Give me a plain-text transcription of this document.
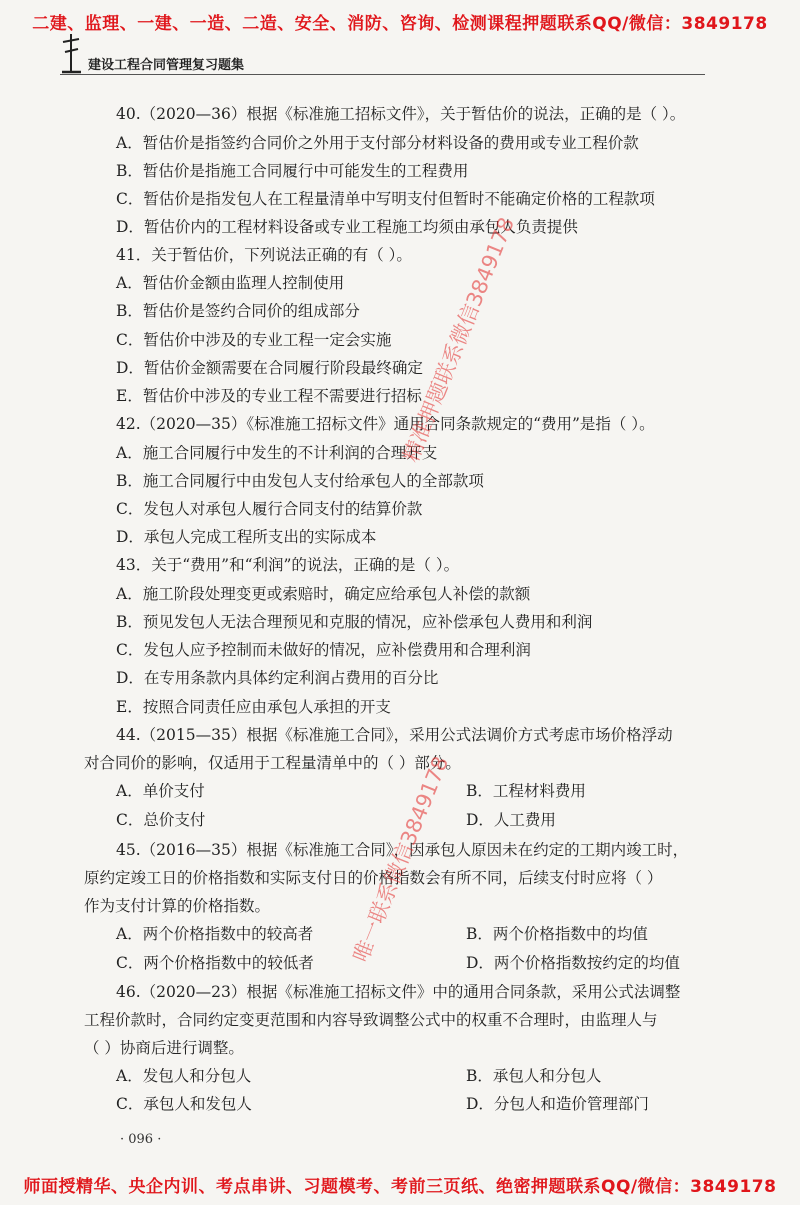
二建、监理、一建、一造、二造、安全、消防、咨询、检测课程押题联系QQ/微信：3849178
建设工程合同管理复习题集
40.（2020—36）根据《标准施工招标文件》，关于暂估价的说法，正确的是（ ）。
A．暂估价是指签约合同价之外用于支付部分材料设备的费用或专业工程价款
B．暂估价是指施工合同履行中可能发生的工程费用
C．暂估价是指发包人在工程量清单中写明支付但暂时不能确定价格的工程款项
D．暂估价内的工程材料设备或专业工程施工均须由承包人负责提供
41．关于暂估价，下列说法正确的有（ ）。
A．暂估价金额由监理人控制使用
B．暂估价是签约合同价的组成部分
C．暂估价中涉及的专业工程一定会实施
D．暂估价金额需要在合同履行阶段最终确定
E．暂估价中涉及的专业工程不需要进行招标
42.（2020—35）《标准施工招标文件》通用合同条款规定的“费用”是指（ ）。
A．施工合同履行中发生的不计利润的合理开支
B．施工合同履行中由发包人支付给承包人的全部款项
C．发包人对承包人履行合同支付的结算价款
D．承包人完成工程所支出的实际成本
43．关于“费用”和“利润”的说法，正确的是（ ）。
A．施工阶段处理变更或索赔时，确定应给承包人补偿的款额
B．预见发包人无法合理预见和克服的情况，应补偿承包人费用和利润
C．发包人应予控制而未做好的情况，应补偿费用和合理利润
D．在专用条款内具体约定利润占费用的百分比
E．按照合同责任应由承包人承担的开支
44.（2015—35）根据《标准施工合同》，采用公式法调价方式考虑市场价格浮动
对合同价的影响，仅适用于工程量清单中的（ ）部分。
A．单价支付	B．工程材料费用
C．总价支付	D．人工费用
45.（2016—35）根据《标准施工合同》，因承包人原因未在约定的工期内竣工时，
原约定竣工日的价格指数和实际支付日的价格指数会有所不同，后续支付时应将（ ）
作为支付计算的价格指数。
A．两个价格指数中的较高者	B．两个价格指数中的均值
C．两个价格指数中的较低者	D．两个价格指数按约定的均值
46.（2020—23）根据《标准施工招标文件》中的通用合同条款，采用公式法调整
工程价款时，合同约定变更范围和内容导致调整公式中的权重不合理时，由监理人与
（ ）协商后进行调整。
A．发包人和分包人	B．承包人和分包人
C．承包人和发包人	D．分包人和造价管理部门
精准押题联系微信3849178
唯一联系微信3849178
· 096 ·
师面授精华、央企内训、考点串讲、习题模考、考前三页纸、绝密押题联系QQ/微信：3849178
